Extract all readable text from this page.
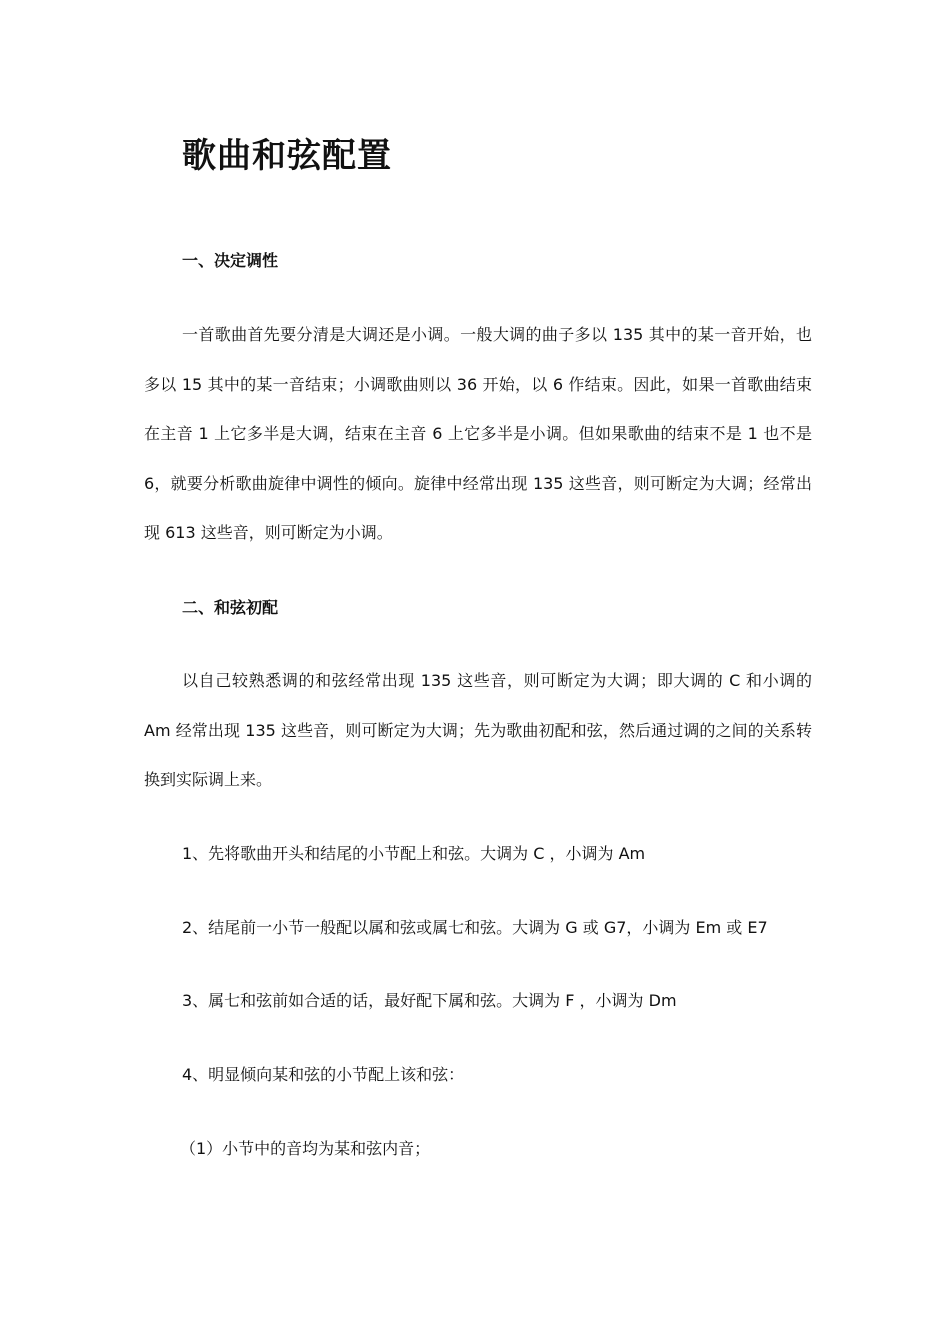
歌曲和弦配置
一、决定调性

一首歌曲首先要分清是大调还是小调。一般大调的曲子多以 135 其中的某一音开始，也多以 15 其中的某一音结束；小调歌曲则以 36 开始，以 6 作结束。因此，如果一首歌曲结束在主音 1 上它多半是大调，结束在主音 6 上它多半是小调。但如果歌曲的结束不是 1 也不是 6，就要分析歌曲旋律中调性的倾向。旋律中经常出现 135 这些音，则可断定为大调；经常出现 613 这些音，则可断定为小调。

二、和弦初配

以自己较熟悉调的和弦经常出现 135 这些音，则可断定为大调；即大调的 C 和小调的 Am 经常出现 135 这些音，则可断定为大调；先为歌曲初配和弦，然后通过调的之间的关系转换到实际调上来。

1、先将歌曲开头和结尾的小节配上和弦。大调为 C ，小调为 Am

2、结尾前一小节一般配以属和弦或属七和弦。大调为 G 或 G7，小调为 Em 或 E7

3、属七和弦前如合适的话，最好配下属和弦。大调为 F ，小调为 Dm

4、明显倾向某和弦的小节配上该和弦：

（1）小节中的音均为某和弦内音；
